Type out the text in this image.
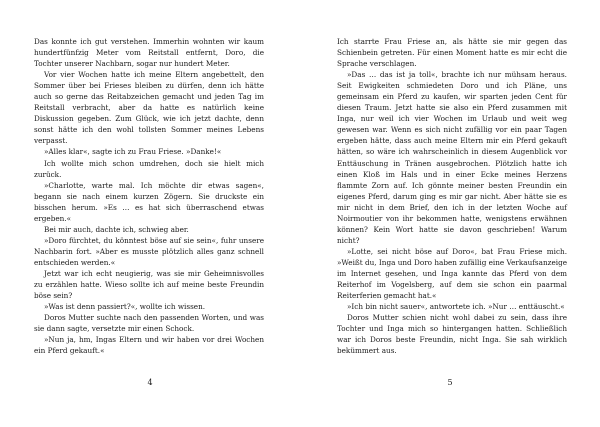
Das konnte ich gut verstehen. Immerhin wohnten wir kaum hundertfünfzig Meter vom Reitstall entfernt, Doro, die Tochter unserer Nachbarn, sogar nur hundert Meter.

Vor vier Wochen hatte ich meine Eltern angebettelt, den Sommer über bei Frieses bleiben zu dürfen, denn ich hätte auch so gerne das Reitabzeichen gemacht und jeden Tag im Reitstall verbracht, aber da hatte es natürlich keine Diskussion gegeben. Zum Glück, wie ich jetzt dachte, denn sonst hätte ich den wohl tollsten Sommer meines Lebens verpasst.

»Alles klar«, sagte ich zu Frau Friese. »Danke!«

Ich wollte mich schon umdrehen, doch sie hielt mich zurück.

»Charlotte, warte mal. Ich möchte dir etwas sagen«, begann sie nach einem kurzen Zögern. Sie druckste ein bisschen herum. »Es … es hat sich überraschend etwas ergeben.«

Bei mir auch, dachte ich, schwieg aber.

»Doro fürchtet, du könntest böse auf sie sein«, fuhr unsere Nachbarin fort. »Aber es musste plötzlich alles ganz schnell entschieden werden.«

Jetzt war ich echt neugierig, was sie mir Geheimnisvolles zu erzählen hatte. Wieso sollte ich auf meine beste Freundin böse sein?

»Was ist denn passiert?«, wollte ich wissen.

Doros Mutter suchte nach den passenden Worten, und was sie dann sagte, versetzte mir einen Schock.

»Nun ja, hm, Ingas Eltern und wir haben vor drei Wochen ein Pferd gekauft.«

4

Ich starrte Frau Friese an, als hätte sie mir gegen das Schienbein getreten. Für einen Moment hatte es mir echt die Sprache verschlagen.

»Das … das ist ja toll«, brachte ich nur mühsam heraus. Seit Ewigkeiten schmiedeten Doro und ich Pläne, uns gemeinsam ein Pferd zu kaufen, wir sparten jeden Cent für diesen Traum. Jetzt hatte sie also ein Pferd zusammen mit Inga, nur weil ich vier Wochen im Urlaub und weit weg gewesen war. Wenn es sich nicht zufällig vor ein paar Tagen ergeben hätte, dass auch meine Eltern mir ein Pferd gekauft hätten, so wäre ich wahrscheinlich in diesem Augenblick vor Enttäuschung in Tränen ausgebrochen. Plötzlich hatte ich einen Kloß im Hals und in einer Ecke meines Herzens flammte Zorn auf. Ich gönnte meiner besten Freundin ein eigenes Pferd, darum ging es mir gar nicht. Aber hätte sie es mir nicht in dem Brief, den ich in der letzten Woche auf Noirmoutier von ihr bekommen hatte, wenigstens erwähnen können? Kein Wort hatte sie davon geschrieben! Warum nicht?

»Lotte, sei nicht böse auf Doro«, bat Frau Friese mich. »Weißt du, Inga und Doro haben zufällig eine Verkaufsanzeige im Internet gesehen, und Inga kannte das Pferd von dem Reiterhof im Vogelsberg, auf dem sie schon ein paarmal Reiterferien gemacht hat.«

»Ich bin nicht sauer«, antwortete ich. »Nur … enttäuscht.«

Doros Mutter schien nicht wohl dabei zu sein, dass ihre Tochter und Inga mich so hintergangen hatten. Schließlich war ich Doros beste Freundin, nicht Inga. Sie sah wirklich bekümmert aus.

5
